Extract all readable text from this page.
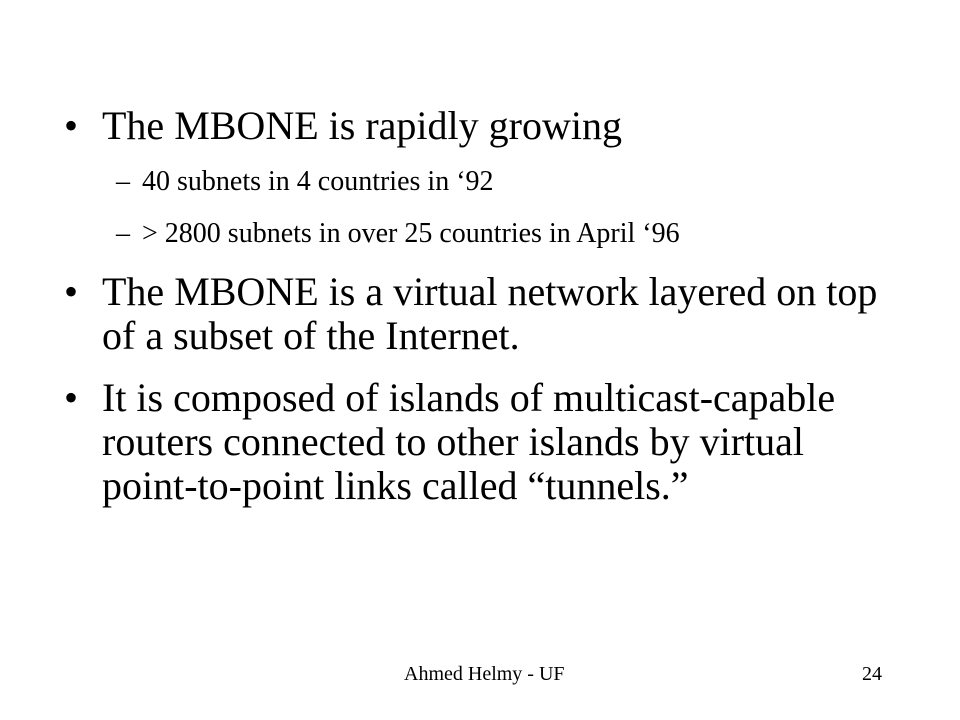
• The MBONE is rapidly growing
– 40 subnets in 4 countries in ‘92
– > 2800 subnets in over 25 countries in April ‘96
• The MBONE is a virtual network layered on top of a subset of the Internet.
• It is composed of islands of multicast-capable routers connected to other islands by virtual point-to-point links called “tunnels.”
Ahmed Helmy - UF	24
